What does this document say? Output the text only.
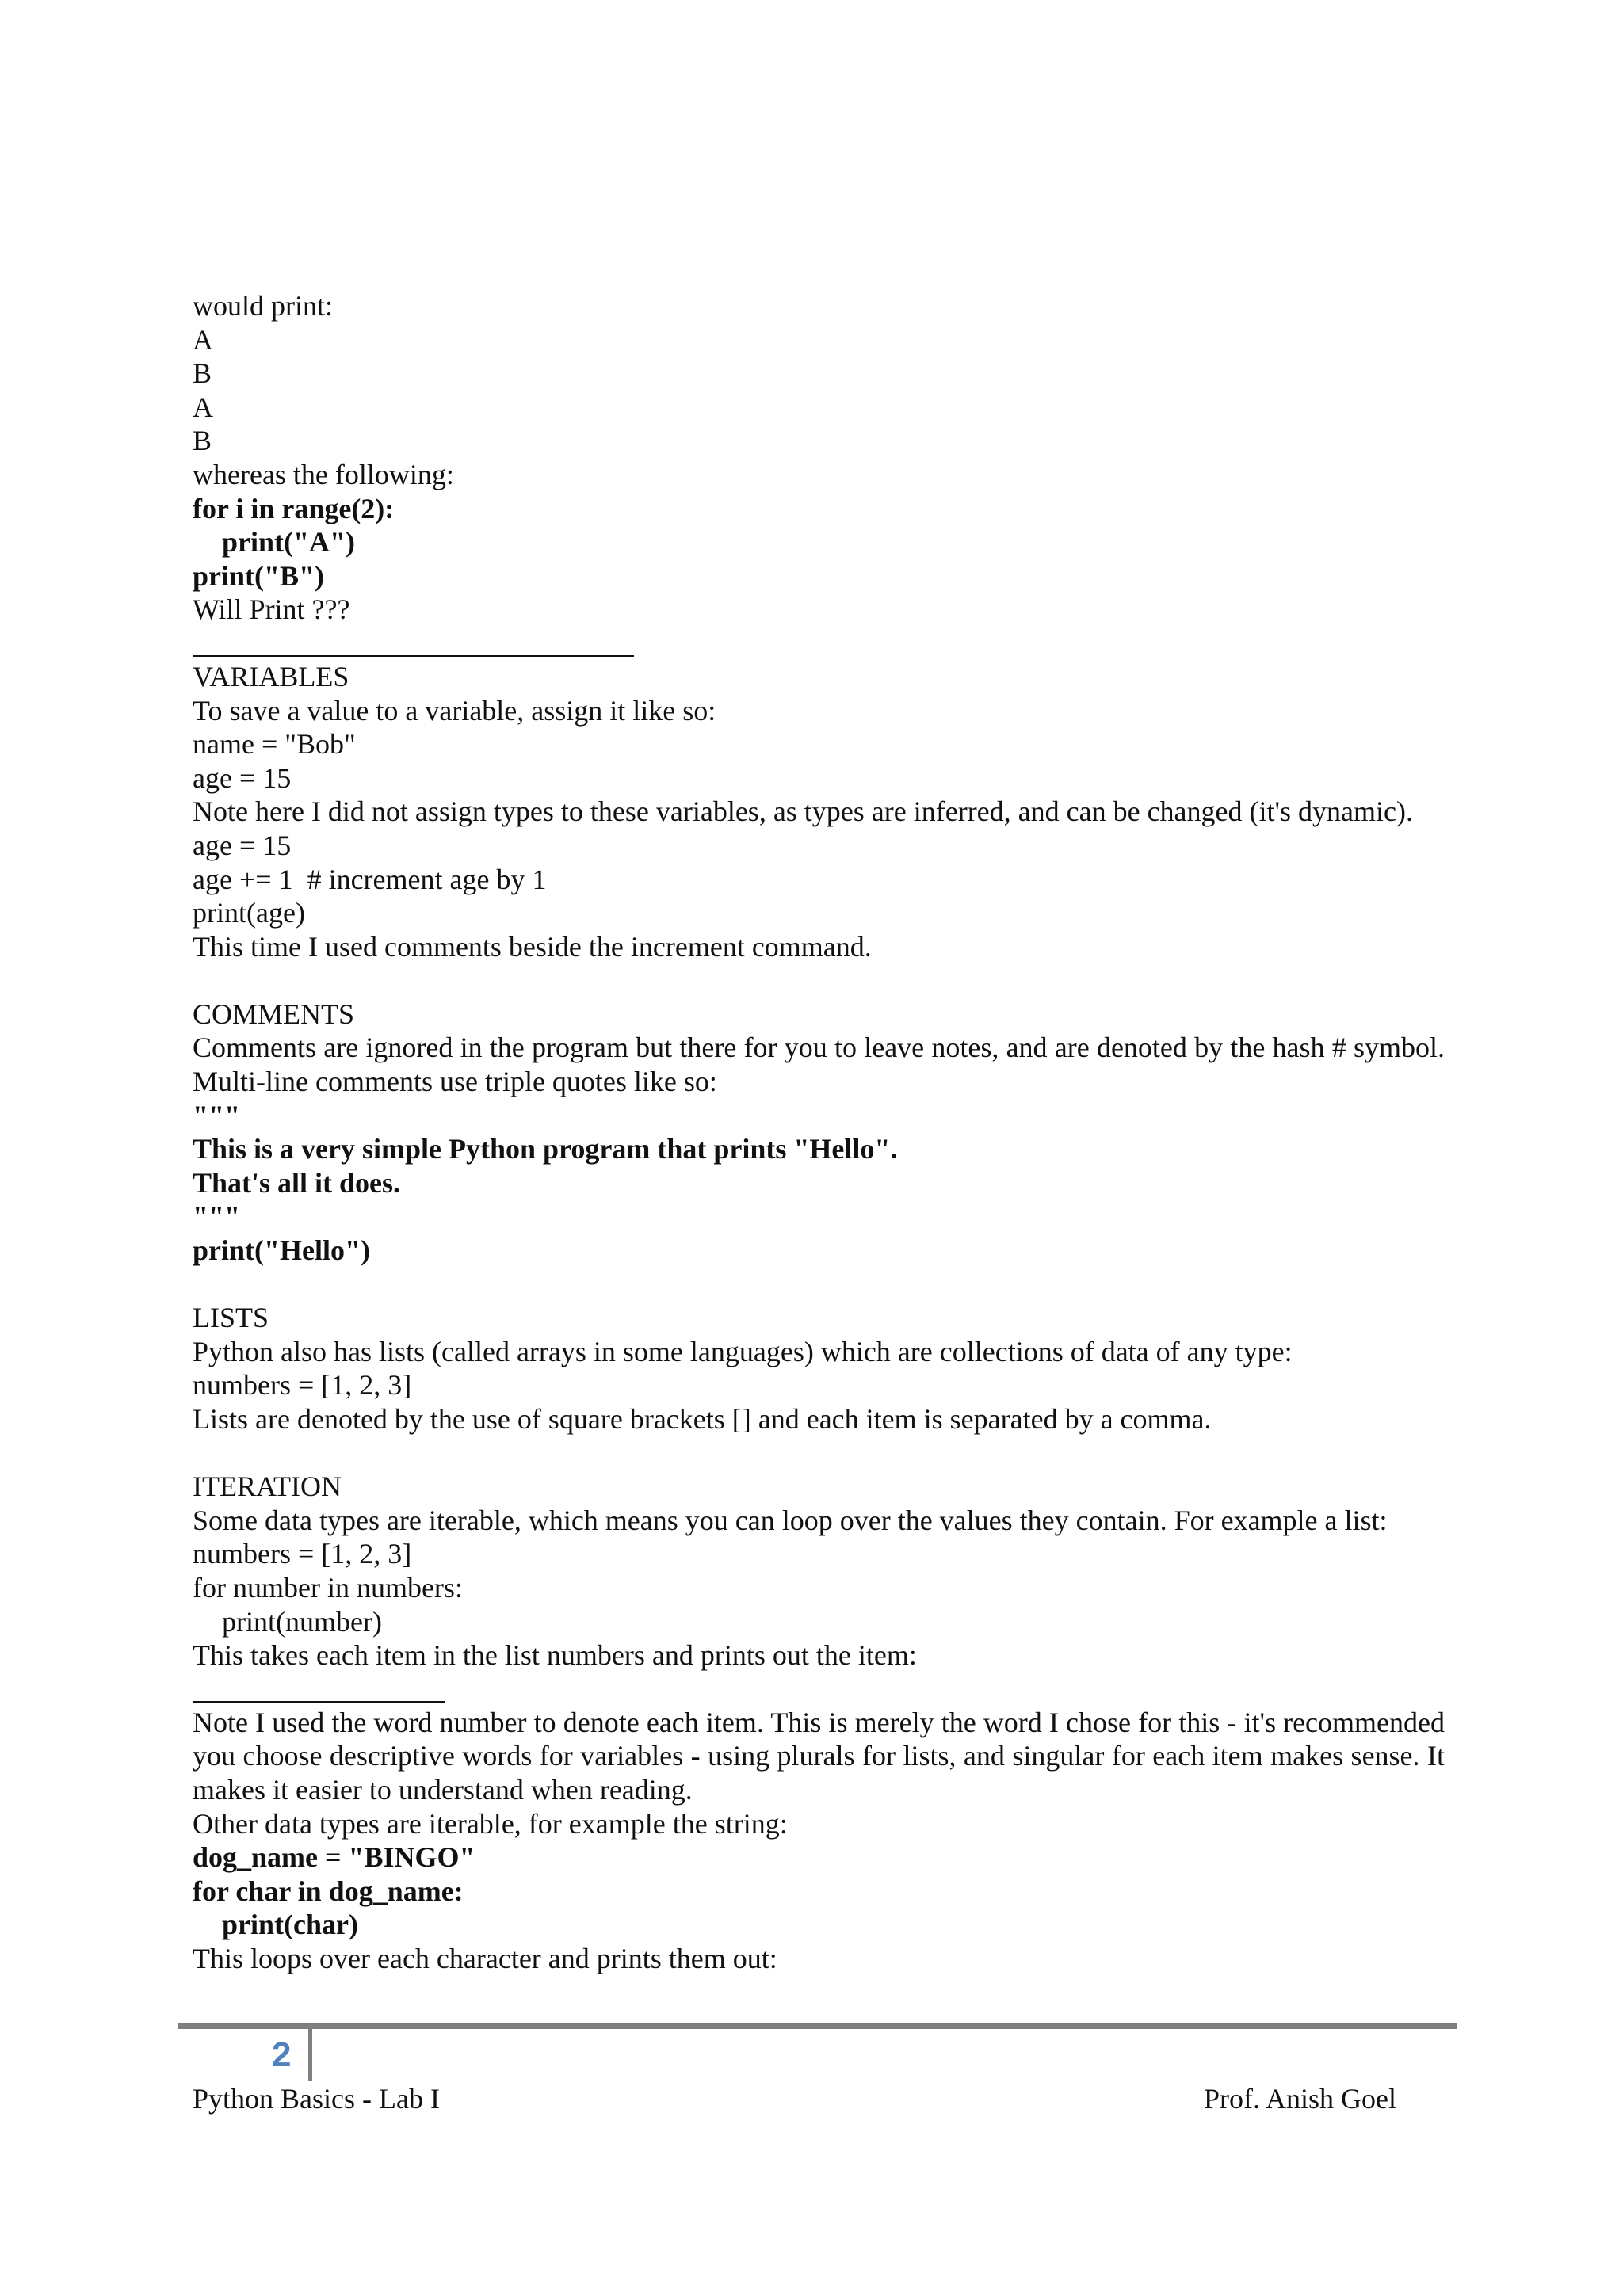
would print:
A
B
A
B
whereas the following:
for i in range(2):
print("A")
print("B")
Will Print ???
VARIABLES
To save a value to a variable, assign it like so:
name = "Bob"
age = 15
Note here I did not assign types to these variables, as types are inferred, and can be changed (it's dynamic).
age = 15
age += 1  # increment age by 1
print(age)
This time I used comments beside the increment command.
COMMENTS
Comments are ignored in the program but there for you to leave notes, and are denoted by the hash # symbol. Multi-line comments use triple quotes like so:
"""
This is a very simple Python program that prints "Hello".
That's all it does.
"""
print("Hello")
LISTS
Python also has lists (called arrays in some languages) which are collections of data of any type:
numbers = [1, 2, 3]
Lists are denoted by the use of square brackets [] and each item is separated by a comma.
ITERATION
Some data types are iterable, which means you can loop over the values they contain. For example a list:
numbers = [1, 2, 3]
for number in numbers:
print(number)
This takes each item in the list numbers and prints out the item:
Note I used the word number to denote each item. This is merely the word I chose for this - it's recommended you choose descriptive words for variables - using plurals for lists, and singular for each item makes sense. It makes it easier to understand when reading.
Other data types are iterable, for example the string:
dog_name = "BINGO"
for char in dog_name:
print(char)
This loops over each character and prints them out:
2
Python Basics - Lab I	Prof. Anish Goel
